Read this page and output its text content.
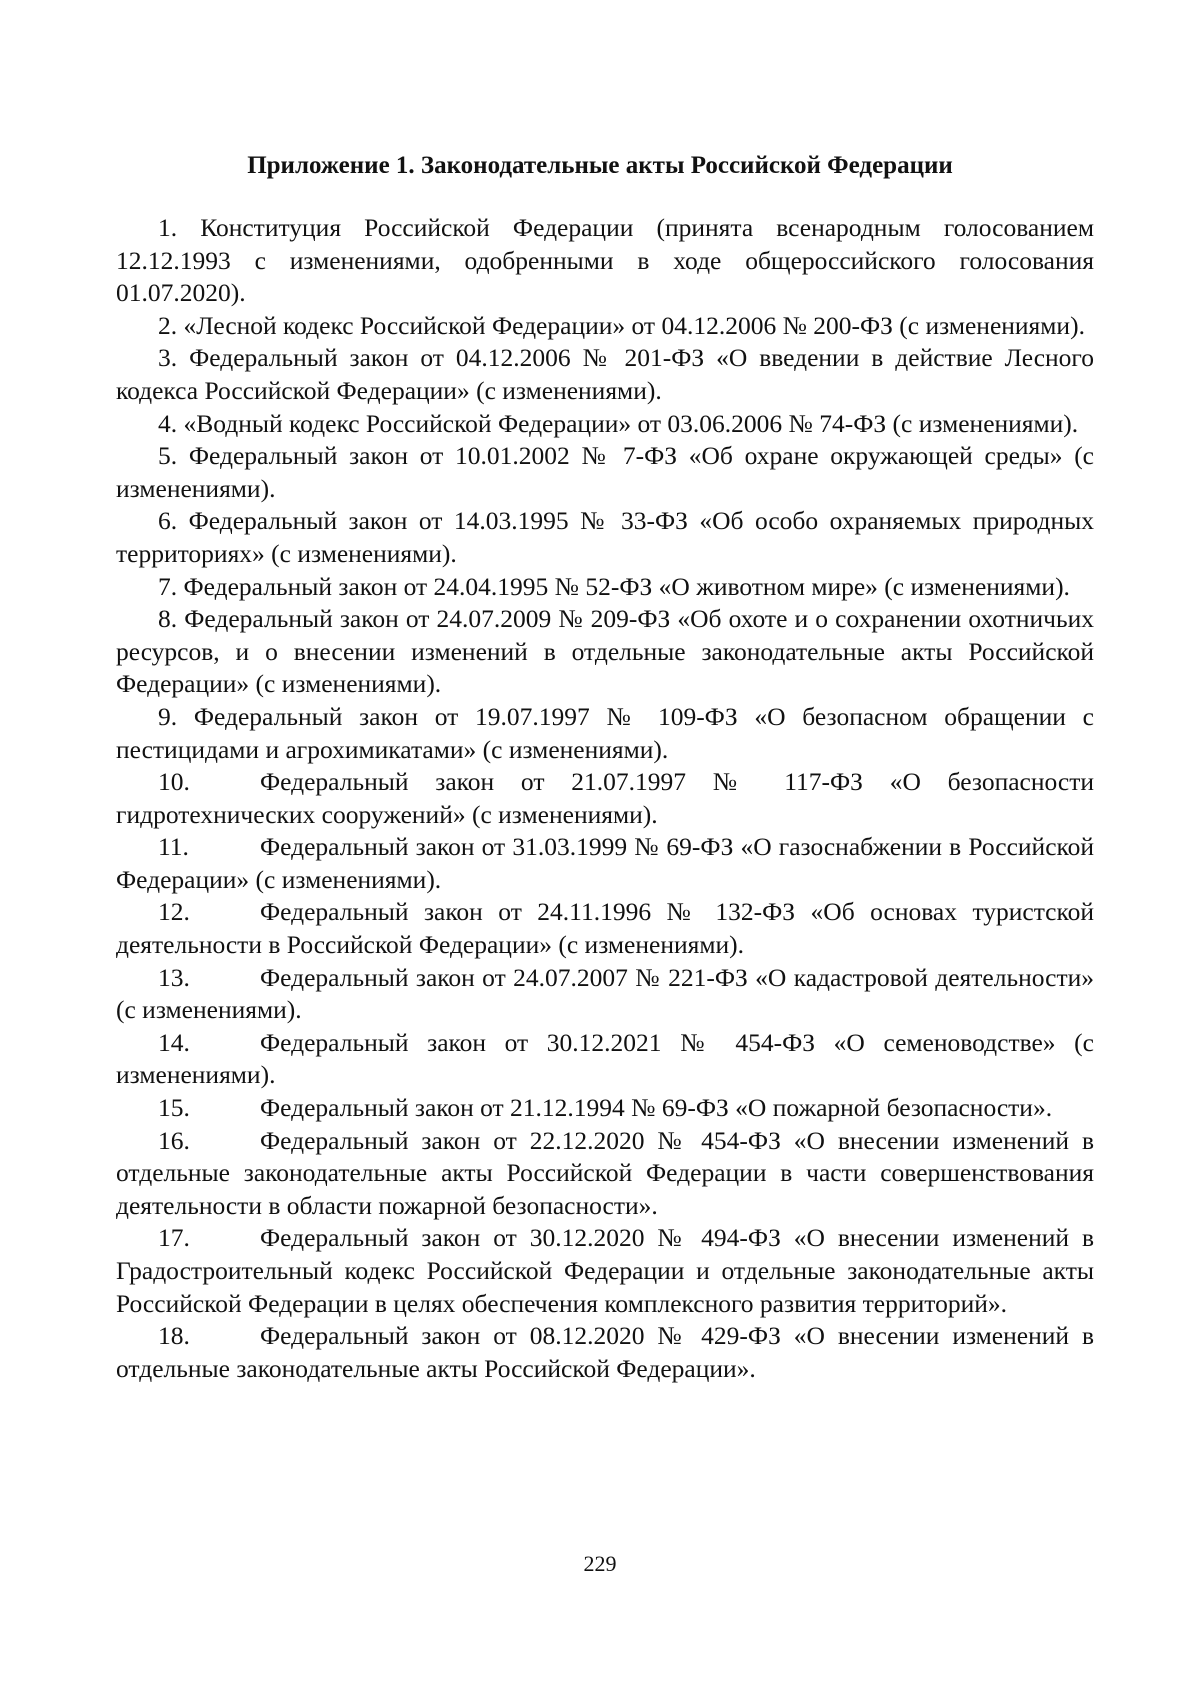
Приложение 1. Законодательные акты Российской Федерации
1. Конституция Российской Федерации (принята всенародным голосованием 12.12.1993 с изменениями, одобренными в ходе общероссийского голосования 01.07.2020).
2. «Лесной кодекс Российской Федерации» от 04.12.2006 № 200-ФЗ (с изменениями).
3. Федеральный закон от 04.12.2006 № 201-ФЗ «О введении в действие Лесного кодекса Российской Федерации» (с изменениями).
4. «Водный кодекс Российской Федерации» от 03.06.2006 № 74-ФЗ (с изменениями).
5. Федеральный закон от 10.01.2002 № 7-ФЗ «Об охране окружающей среды» (с изменениями).
6. Федеральный закон от 14.03.1995 № 33-ФЗ «Об особо охраняемых природных территориях» (с изменениями).
7. Федеральный закон от 24.04.1995 № 52-ФЗ «О животном мире» (с изменениями).
8. Федеральный закон от 24.07.2009 № 209-ФЗ «Об охоте и о сохранении охотничьих ресурсов, и о внесении изменений в отдельные законодательные акты Российской Федерации» (с изменениями).
9. Федеральный закон от 19.07.1997 № 109-ФЗ «О безопасном обращении с пестицидами и агрохимикатами» (с изменениями).
10.	Федеральный закон от 21.07.1997 № 117-ФЗ «О безопасности гидротехнических сооружений» (с изменениями).
11.	Федеральный закон от 31.03.1999 № 69-ФЗ «О газоснабжении в Российской Федерации» (с изменениями).
12.	Федеральный закон от 24.11.1996 № 132-ФЗ «Об основах туристской деятельности в Российской Федерации» (с изменениями).
13.	Федеральный закон от 24.07.2007 № 221-ФЗ «О кадастровой деятельности» (с изменениями).
14.	Федеральный закон от 30.12.2021 № 454-ФЗ «О семеноводстве» (с изменениями).
15.	Федеральный закон от 21.12.1994 № 69-ФЗ «О пожарной безопасности».
16.	Федеральный закон от 22.12.2020 № 454-ФЗ «О внесении изменений в отдельные законодательные акты Российской Федерации в части совершенствования деятельности в области пожарной безопасности».
17.	Федеральный закон от 30.12.2020 № 494-ФЗ «О внесении изменений в Градостроительный кодекс Российской Федерации и отдельные законодательные акты Российской Федерации в целях обеспечения комплексного развития территорий».
18.	Федеральный закон от 08.12.2020 № 429-ФЗ «О внесении изменений в отдельные законодательные акты Российской Федерации».
229
